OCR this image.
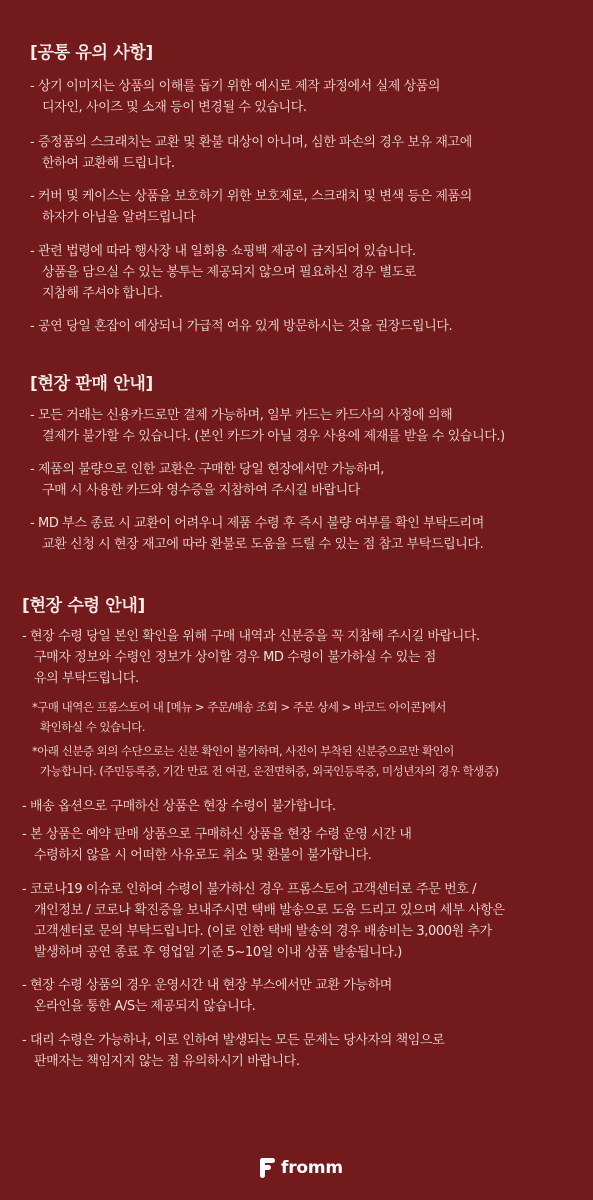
[공통 유의 사항]
- 상기 이미지는 상품의 이해를 돕기 위한 예시로 제작 과정에서 실제 상품의
디자인, 사이즈 및 소재 등이 변경될 수 있습니다.
- 증정품의 스크래치는 교환 및 환불 대상이 아니며, 심한 파손의 경우 보유 재고에
한하여 교환해 드립니다.
- 커버 및 케이스는 상품을 보호하기 위한 보호제로, 스크래치 및 변색 등은 제품의
하자가 아님을 알려드립니다
- 관련 법령에 따라 행사장 내 일회용 쇼핑백 제공이 금지되어 있습니다.
상품을 담으실 수 있는 봉투는 제공되지 않으며 필요하신 경우 별도로
지참해 주셔야 합니다.
- 공연 당일 혼잡이 예상되니 가급적 여유 있게 방문하시는 것을 권장드립니다.
[현장 판매 안내]
- 모든 거래는 신용카드로만 결제 가능하며, 일부 카드는 카드사의 사정에 의해
결제가 불가할 수 있습니다. (본인 카드가 아닐 경우 사용에 제재를 받을 수 있습니다.)
- 제품의 불량으로 인한 교환은 구매한 당일 현장에서만 가능하며,
구매 시 사용한 카드와 영수증을 지참하여 주시길 바랍니다
- MD 부스 종료 시 교환이 어려우니 제품 수령 후 즉시 불량 여부를 확인 부탁드리며
교환 신청 시 현장 재고에 따라 환불로 도움을 드릴 수 있는 점 참고 부탁드립니다.
[현장 수령 안내]
- 현장 수령 당일 본인 확인을 위해 구매 내역과 신분증을 꼭 지참해 주시길 바랍니다.
구매자 정보와 수령인 정보가 상이할 경우 MD 수령이 불가하실 수 있는 점
유의 부탁드립니다.
*구매 내역은 프롬스토어 내 [메뉴 > 주문/배송 조회 > 주문 상세 > 바코드 아이콘]에서
확인하실 수 있습니다.
*아래 신분증 외의 수단으로는 신분 확인이 불가하며, 사진이 부착된 신분증으로만 확인이
가능합니다. (주민등록증, 기간 만료 전 여권, 운전면허증, 외국인등록증, 미성년자의 경우 학생증)
- 배송 옵션으로 구매하신 상품은 현장 수령이 불가합니다.
- 본 상품은 예약 판매 상품으로 구매하신 상품을 현장 수령 운영 시간 내
수령하지 않을 시 어떠한 사유로도 취소 및 환불이 불가합니다.
- 코로나19 이슈로 인하여 수령이 불가하신 경우 프롬스토어 고객센터로 주문 번호 /
개인정보 / 코로나 확진증을 보내주시면 택배 발송으로 도움 드리고 있으며 세부 사항은
고객센터로 문의 부탁드립니다. (이로 인한 택배 발송의 경우 배송비는 3,000원 추가
발생하며 공연 종료 후 영업일 기준 5~10일 이내 상품 발송됩니다.)
- 현장 수령 상품의 경우 운영시간 내 현장 부스에서만 교환 가능하며
온라인을 통한 A/S는 제공되지 않습니다.
- 대리 수령은 가능하나, 이로 인하여 발생되는 모든 문제는 당사자의 책임으로
판매자는 책임지지 않는 점 유의하시기 바랍니다.
fromm
